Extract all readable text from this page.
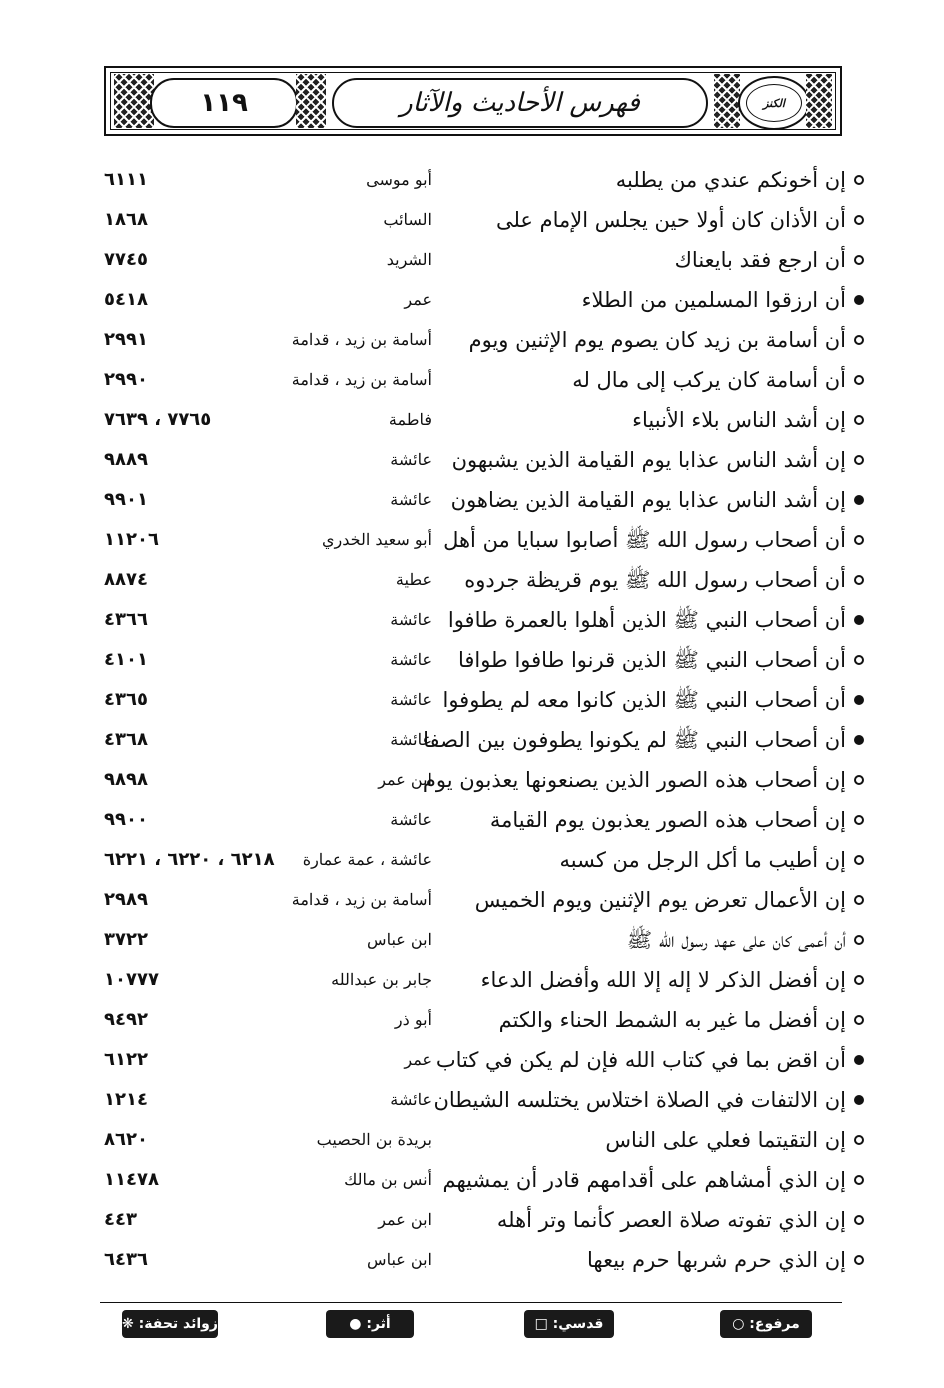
١١٩	فهرس الأحاديث والآثار	الكنز
إن أخونكم عندي من يطلبه
أبو موسى
٦١١١
أن الأذان كان أولا حين يجلس الإمام على
السائب
١٨٦٨
أن ارجع فقد بايعناك
الشريد
٧٧٤٥
أن ارزقوا المسلمين من الطلاء
عمر
٥٤١٨
أن أسامة بن زيد كان يصوم يوم الإثنين ويوم
أسامة بن زيد ، قدامة
٢٩٩١
أن أسامة كان يركب إلى مال له
أسامة بن زيد ، قدامة
٢٩٩٠
إن أشد الناس بلاء الأنبياء
فاطمة
٧٧٦٥ ، ٧٦٣٩
إن أشد الناس عذابا يوم القيامة الذين يشبهون
عائشة
٩٨٨٩
إن أشد الناس عذابا يوم القيامة الذين يضاهون
عائشة
٩٩٠١
أن أصحاب رسول الله ﷺ أصابوا سبايا من أهل
أبو سعيد الخدري
١١٢٠٦
أن أصحاب رسول الله ﷺ يوم قريظة جردوه
عطية
٨٨٧٤
أن أصحاب النبي ﷺ الذين أهلوا بالعمرة طافوا
عائشة
٤٣٦٦
أن أصحاب النبي ﷺ الذين قرنوا طافوا طوافا
عائشة
٤١٠١
أن أصحاب النبي ﷺ الذين كانوا معه لم يطوفوا
عائشة
٤٣٦٥
أن أصحاب النبي ﷺ لم يكونوا يطوفون بين الصفا
عائشة
٤٣٦٨
إن أصحاب هذه الصور الذين يصنعونها يعذبون يوم
ابن عمر
٩٨٩٨
إن أصحاب هذه الصور يعذبون يوم القيامة
عائشة
٩٩٠٠
إن أطيب ما أكل الرجل من كسبه
عائشة ، عمة عمارة
٦٢١٨ ، ٦٢٢٠ ، ٦٢٢١
إن الأعمال تعرض يوم الإثنين ويوم الخميس
أسامة بن زيد ، قدامة
٢٩٨٩
أن أعمى كان على عهد رسول الله ﷺ
ابن عباس
٣٧٢٢
إن أفضل الذكر لا إله إلا الله وأفضل الدعاء
جابر بن عبدالله
١٠٧٧٧
إن أفضل ما غير به الشمط الحناء والكتم
أبو ذر
٩٤٩٢
أن اقض بما في كتاب الله فإن لم يكن في كتاب
عمر
٦١٢٢
إن الالتفات في الصلاة اختلاس يختلسه الشيطان
عائشة
١٢١٤
إن التقيتما فعلي على الناس
بريدة بن الحصيب
٨٦٢٠
إن الذي أمشاهم على أقدامهم قادر أن يمشيهم
أنس بن مالك
١١٤٧٨
إن الذي تفوته صلاة العصر كأنما وتر أهله
ابن عمر
٤٤٣
إن الذي حرم شربها حرم بيعها
ابن عباس
٦٤٣٦
مرفوع: ○
قدسي: □
أثر: ●
زوائد تحفة: ❋
